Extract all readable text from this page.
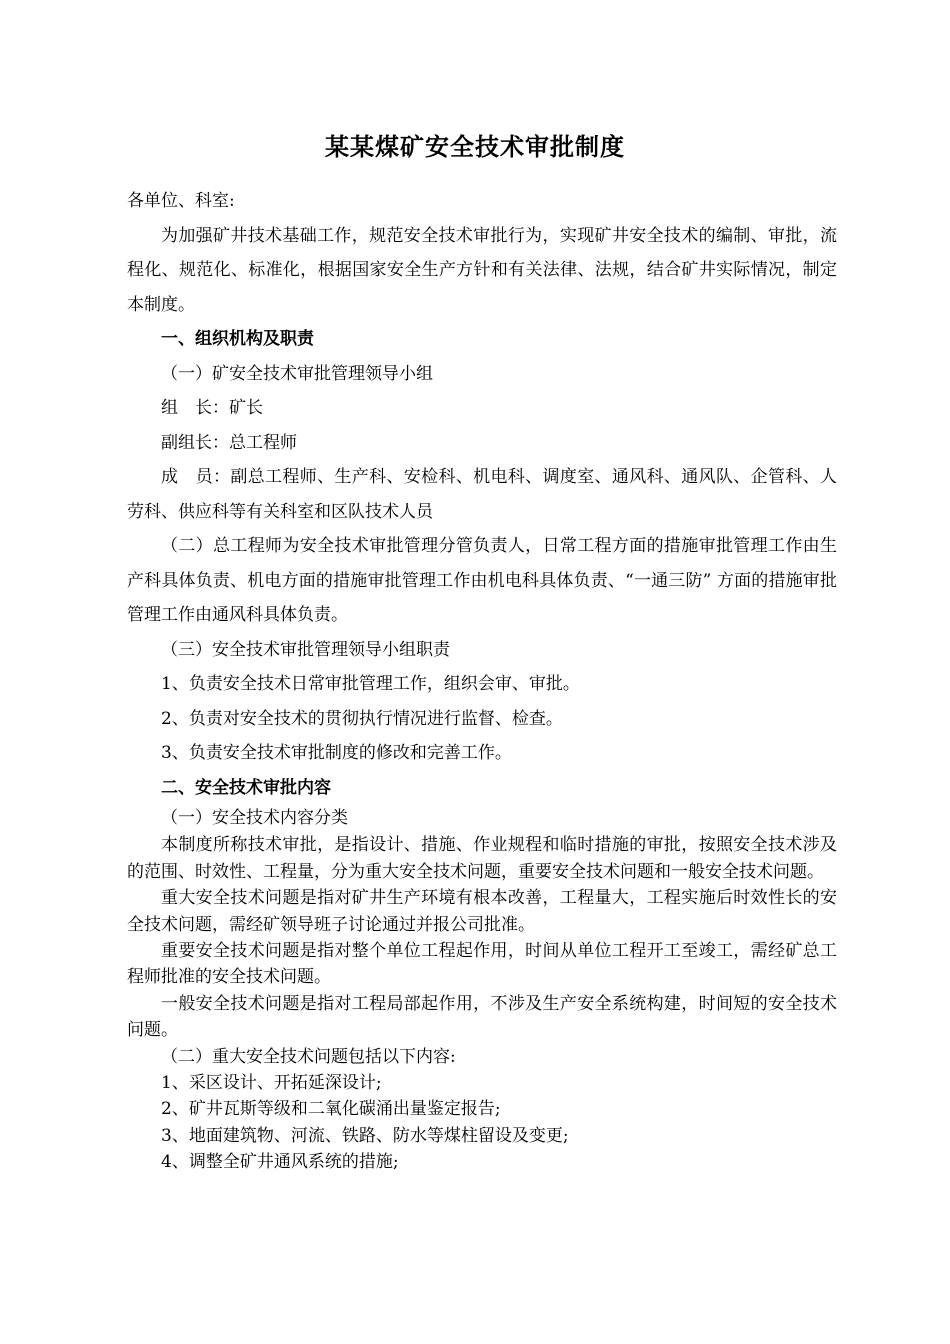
某某煤矿安全技术审批制度

各单位、科室:

为加强矿井技术基础工作，规范安全技术审批行为，实现矿井安全技术的编制、审批，流程化、规范化、标准化，根据国家安全生产方针和有关法律、法规，结合矿井实际情况，制定本制度。

一、组织机构及职责

（一）矿安全技术审批管理领导小组

组　长：矿长

副组长：总工程师

成　员：副总工程师、生产科、安检科、机电科、调度室、通风科、通风队、企管科、人劳科、供应科等有关科室和区队技术人员

（二）总工程师为安全技术审批管理分管负责人，日常工程方面的措施审批管理工作由生产科具体负责、机电方面的措施审批管理工作由机电科具体负责、“一通三防” 方面的措施审批管理工作由通风科具体负责。

（三）安全技术审批管理领导小组职责

1、负责安全技术日常审批管理工作，组织会审、审批。

2、负责对安全技术的贯彻执行情况进行监督、检查。

3、负责安全技术审批制度的修改和完善工作。

二、安全技术审批内容

（一）安全技术内容分类

本制度所称技术审批，是指设计、措施、作业规程和临时措施的审批，按照安全技术涉及的范围、时效性、工程量，分为重大安全技术问题，重要安全技术问题和一般安全技术问题。

重大安全技术问题是指对矿井生产环境有根本改善，工程量大，工程实施后时效性长的安全技术问题，需经矿领导班子讨论通过并报公司批准。

重要安全技术问题是指对整个单位工程起作用，时间从单位工程开工至竣工，需经矿总工程师批准的安全技术问题。

一般安全技术问题是指对工程局部起作用，不涉及生产安全系统构建，时间短的安全技术问题。

（二）重大安全技术问题包括以下内容:

1、采区设计、开拓延深设计;

2、矿井瓦斯等级和二氧化碳涌出量鉴定报告;

3、地面建筑物、河流、铁路、防水等煤柱留设及变更;

4、调整全矿井通风系统的措施;
